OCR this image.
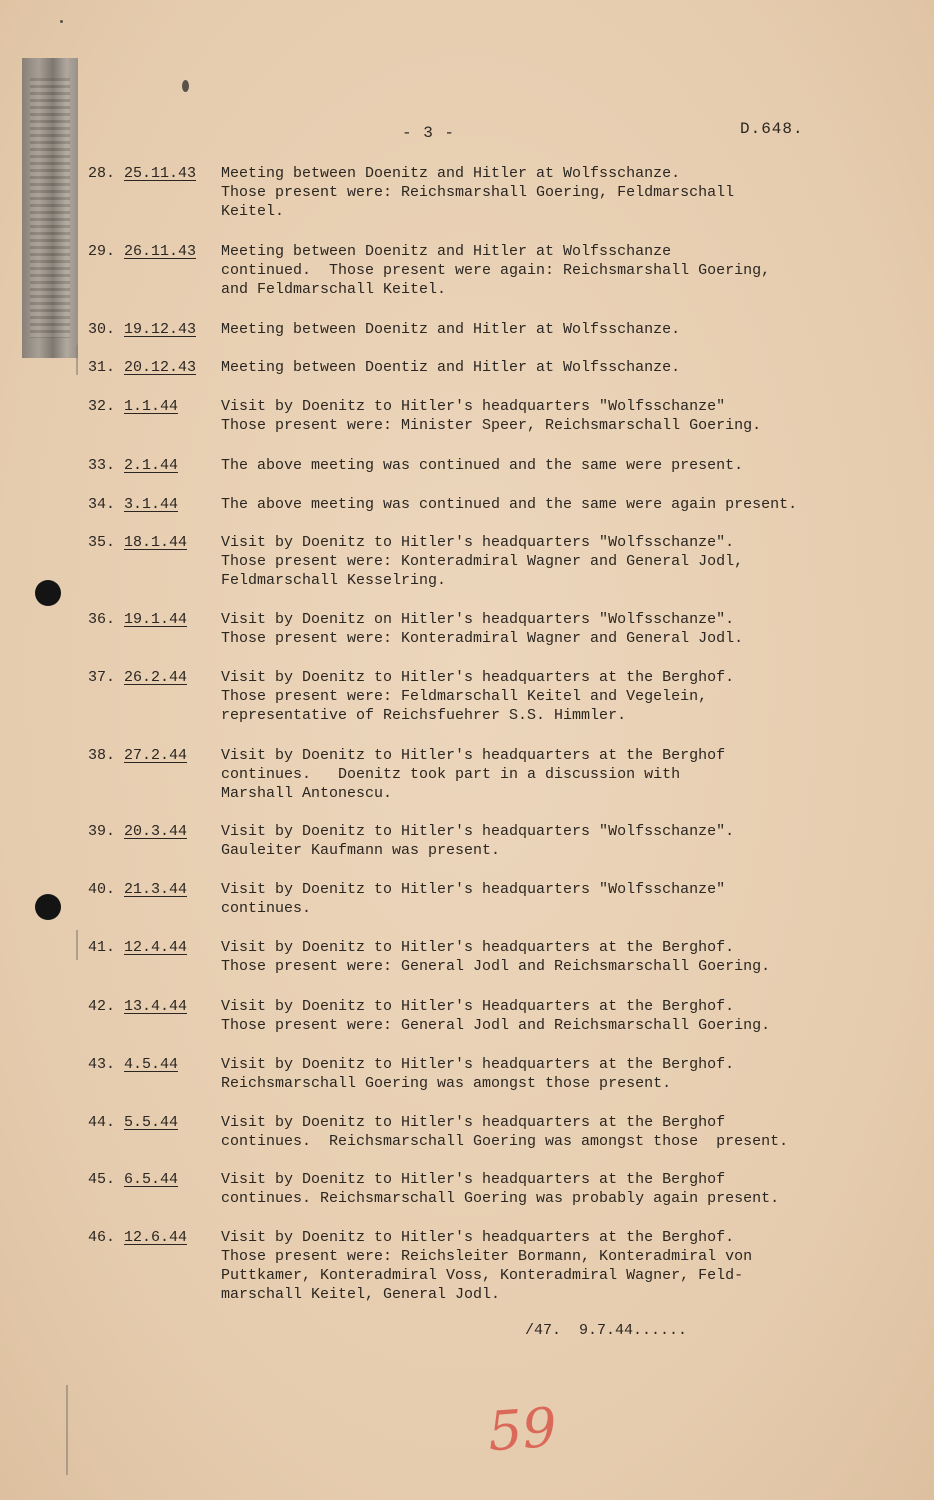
- 3 -	D.648.
28. 25.11.43 Meeting between Doenitz and Hitler at Wolfsschanze.
Those present were: Reichsmarshall Goering, Feldmarschall
Keitel.
29. 26.11.43 Meeting between Doenitz and Hitler at Wolfsschanze
continued.  Those present were again: Reichsmarshall Goering,
and Feldmarschall Keitel.
30. 19.12.43 Meeting between Doenitz and Hitler at Wolfsschanze.
31. 20.12.43 Meeting between Doentiz and Hitler at Wolfsschanze.
32. 1.1.44	Visit by Doenitz to Hitler's headquarters "Wolfsschanze"
Those present were: Minister Speer, Reichsmarschall Goering.
33. 2.1.44	The above meeting was continued and the same were present.
34. 3.1.44	The above meeting was continued and the same were again present.
35. 18.1.44 Visit by Doenitz to Hitler's headquarters "Wolfsschanze".
Those present were: Konteradmiral Wagner and General Jodl,
Feldmarschall Kesselring.
36. 19.1.44 Visit by Doenitz on Hitler's headquarters "Wolfsschanze".
Those present were: Konteradmiral Wagner and General Jodl.
37. 26.2.44 Visit by Doenitz to Hitler's headquarters at the Berghof.
Those present were: Feldmarschall Keitel and Vegelein,
representative of Reichsfuehrer S.S. Himmler.
38. 27.2.44 Visit by Doenitz to Hitler's headquarters at the Berghof
continues.   Doenitz took part in a discussion with
Marshall Antonescu.
39. 20.3.44 Visit by Doenitz to Hitler's headquarters "Wolfsschanze".
Gauleiter Kaufmann was present.
40. 21.3.44 Visit by Doenitz to Hitler's headquarters "Wolfsschanze"
continues.
41. 12.4.44 Visit by Doenitz to Hitler's headquarters at the Berghof.
Those present were: General Jodl and Reichsmarschall Goering.
42. 13.4.44 Visit by Doenitz to Hitler's Headquarters at the Berghof.
Those present were: General Jodl and Reichsmarschall Goering.
43. 4.5.44	Visit by Doenitz to Hitler's headquarters at the Berghof.
Reichsmarschall Goering was amongst those present.
44. 5.5.44	Visit by Doenitz to Hitler's headquarters at the Berghof
continues.  Reichsmarschall Goering was amongst those  present.
45. 6.5.44	Visit by Doenitz to Hitler's headquarters at the Berghof
continues. Reichsmarschall Goering was probably again present.
46. 12.6.44 Visit by Doenitz to Hitler's headquarters at the Berghof.
Those present were: Reichsleiter Bormann, Konteradmiral von
Puttkamer, Konteradmiral Voss, Konteradmiral Wagner, Feld-
marschall Keitel, General Jodl.
/47.  9.7.44......
59
